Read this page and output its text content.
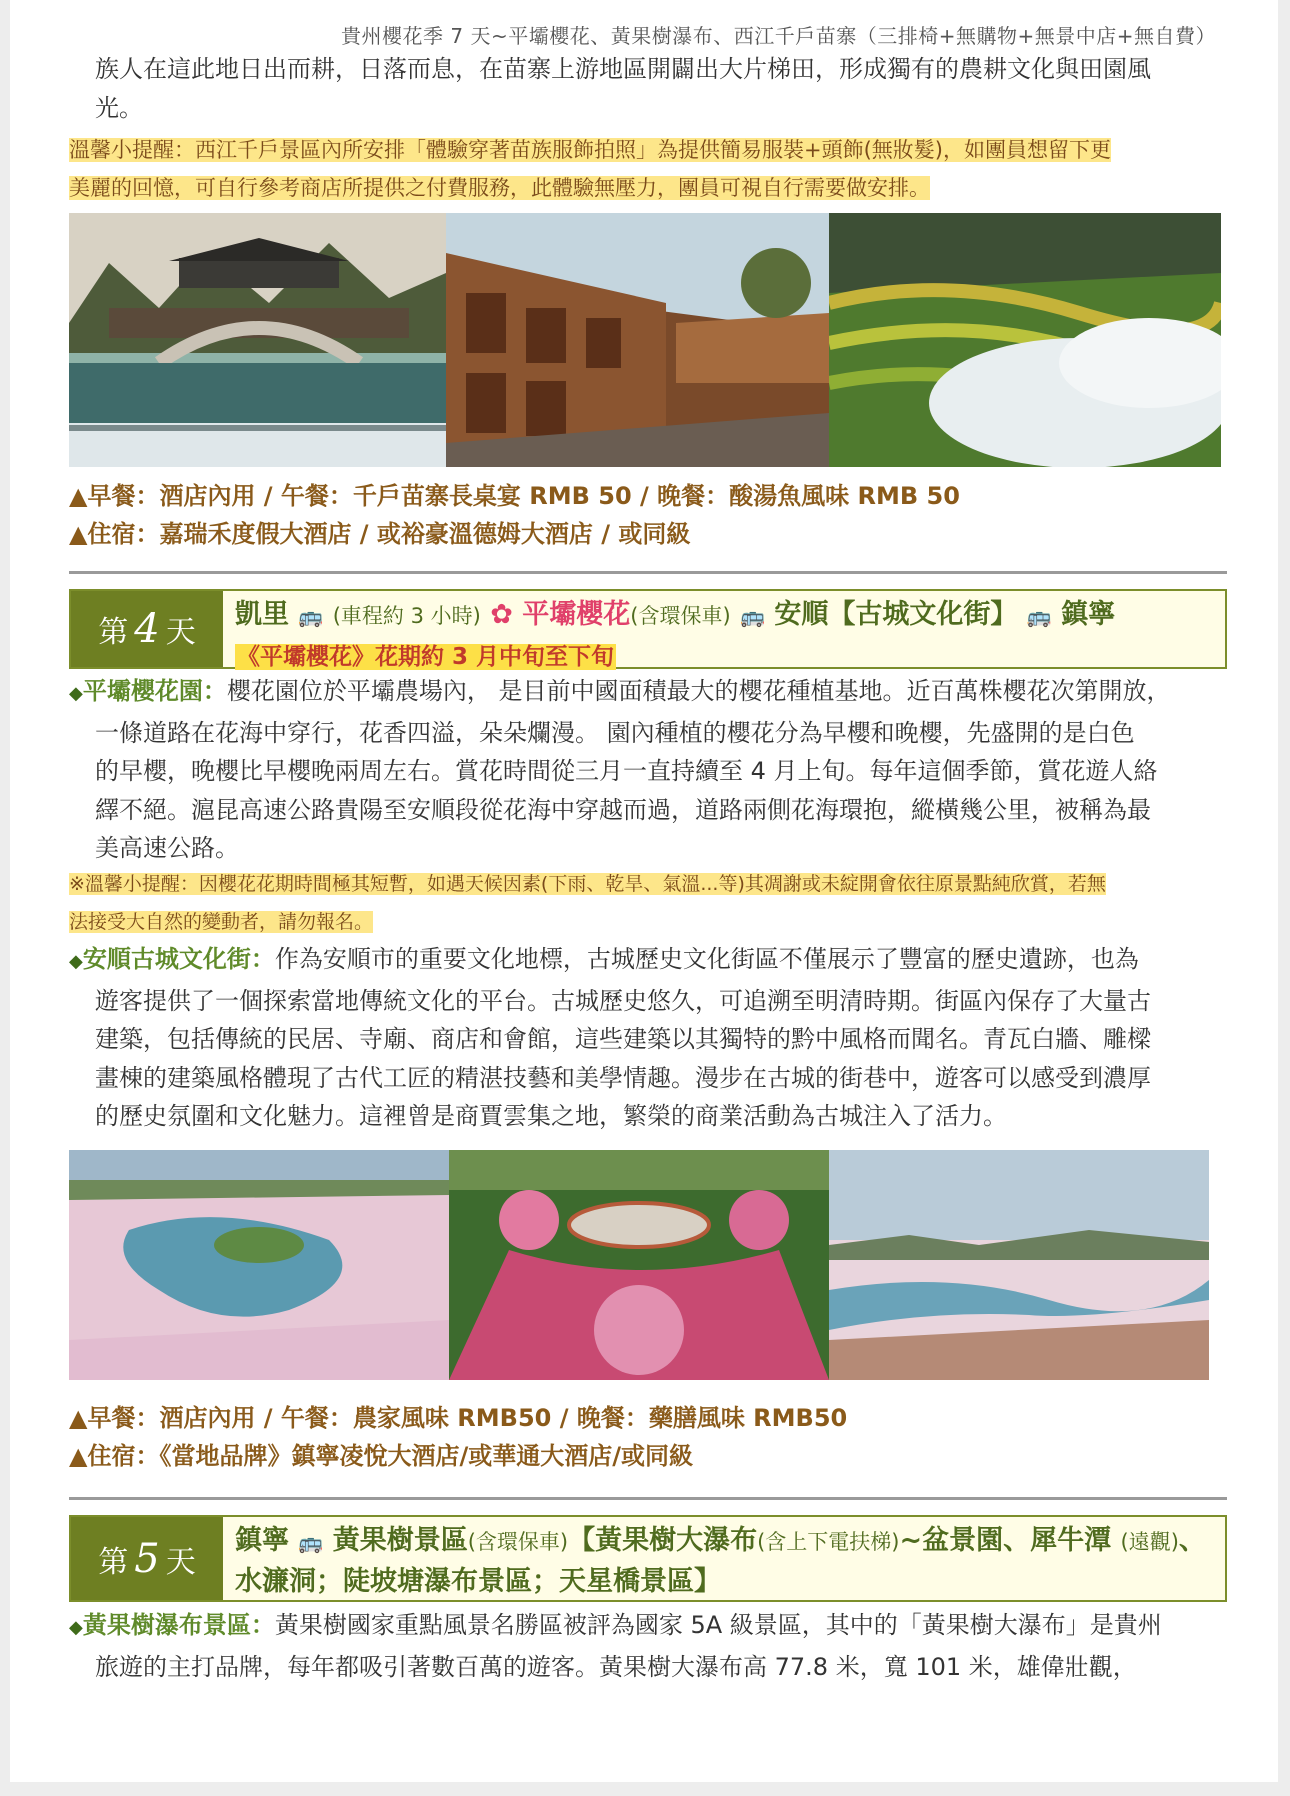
貴州櫻花季 7 天~平壩櫻花、黃果樹瀑布、西江千戶苗寨（三排椅+無購物+無景中店+無自費）
族人在這此地日出而耕，日落而息，在苗寨上游地區開闢出大片梯田，形成獨有的農耕文化與田園風
光。
溫馨小提醒：西江千戶景區內所安排「體驗穿著苗族服飾拍照」為提供簡易服裝+頭飾(無妝髮)，如團員想留下更
美麗的回憶，可自行參考商店所提供之付費服務，此體驗無壓力，團員可視自行需要做安排。
▲早餐：酒店內用 / 午餐：千戶苗寨長桌宴 RMB 50 / 晚餐：酸湯魚風味 RMB 50
▲住宿：嘉瑞禾度假大酒店 / 或裕豪溫德姆大酒店 / 或同級
第 4 天
凱里 🚌 (車程約 3 小時) ✿ 平壩櫻花(含環保車) 🚌 安順【古城文化街】 🚌 鎮寧
《平壩櫻花》花期約 3 月中旬至下旬
◆平壩櫻花園：櫻花園位於平壩農場內， 是目前中國面積最大的櫻花種植基地。近百萬株櫻花次第開放，
一條道路在花海中穿行，花香四溢，朵朵爛漫。 園內種植的櫻花分為早櫻和晚櫻，先盛開的是白色
的早櫻，晚櫻比早櫻晚兩周左右。賞花時間從三月一直持續至 4 月上旬。每年這個季節，賞花遊人絡
繹不絕。滬昆高速公路貴陽至安順段從花海中穿越而過，道路兩側花海環抱，縱橫幾公里，被稱為最
美高速公路。
※溫馨小提醒：因櫻花花期時間極其短暫，如遇天候因素(下雨、乾旱、氣溫...等)其凋謝或未綻開會依往原景點純欣賞，若無
法接受大自然的變動者，請勿報名。
◆安順古城文化街：作為安順市的重要文化地標，古城歷史文化街區不僅展示了豐富的歷史遺跡，也為
遊客提供了一個探索當地傳統文化的平台。古城歷史悠久，可追溯至明清時期。街區內保存了大量古
建築，包括傳統的民居、寺廟、商店和會館，這些建築以其獨特的黔中風格而聞名。青瓦白牆、雕樑
畫棟的建築風格體現了古代工匠的精湛技藝和美學情趣。漫步在古城的街巷中，遊客可以感受到濃厚
的歷史氛圍和文化魅力。這裡曾是商賈雲集之地，繁榮的商業活動為古城注入了活力。
▲早餐：酒店內用 / 午餐：農家風味 RMB50 / 晚餐：藥膳風味 RMB50
▲住宿：《當地品牌》鎮寧凌悅大酒店/或華通大酒店/或同級
第 5 天
鎮寧 🚌 黃果樹景區(含環保車)【黃果樹大瀑布(含上下電扶梯)~盆景園、犀牛潭 (遠觀)、水濂洞；陡坡塘瀑布景區；天星橋景區】
◆黃果樹瀑布景區：黃果樹國家重點風景名勝區被評為國家 5A 級景區，其中的「黃果樹大瀑布」是貴州
旅遊的主打品牌，每年都吸引著數百萬的遊客。黃果樹大瀑布高 77.8 米，寬 101 米，雄偉壯觀，
